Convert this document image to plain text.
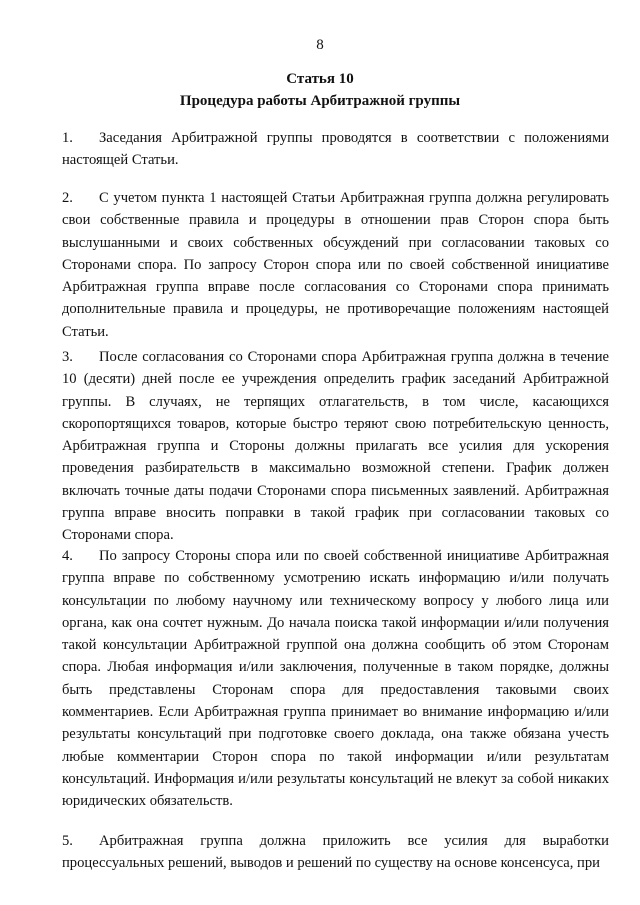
8
Статья 10
Процедура работы Арбитражной группы

1. Заседания Арбитражной группы проводятся в соответствии с положениями настоящей Статьи.

2. С учетом пункта 1 настоящей Статьи Арбитражная группа должна регулировать свои собственные правила и процедуры в отношении прав Сторон спора быть выслушанными и своих собственных обсуждений при согласовании таковых со Сторонами спора. По запросу Сторон спора или по своей собственной инициативе Арбитражная группа вправе после согласования со Сторонами спора принимать дополнительные правила и процедуры, не противоречащие положениям настоящей Статьи.

3. После согласования со Сторонами спора Арбитражная группа должна в течение 10 (десяти) дней после ее учреждения определить график заседаний Арбитражной группы. В случаях, не терпящих отлагательств, в том числе, касающихся скоропортящихся товаров, которые быстро теряют свою потребительскую ценность, Арбитражная группа и Стороны должны прилагать все усилия для ускорения проведения разбирательств в максимально возможной степени. График должен включать точные даты подачи Сторонами спора письменных заявлений. Арбитражная группа вправе вносить поправки в такой график при согласовании таковых со Сторонами спора.

4. По запросу Стороны спора или по своей собственной инициативе Арбитражная группа вправе по собственному усмотрению искать информацию и/или получать консультации по любому научному или техническому вопросу у любого лица или органа, как она сочтет нужным. До начала поиска такой информации и/или получения такой консультации Арбитражной группой она должна сообщить об этом Сторонам спора. Любая информация и/или заключения, полученные в таком порядке, должны быть представлены Сторонам спора для предоставления таковыми своих комментариев. Если Арбитражная группа принимает во внимание информацию и/или результаты консультаций при подготовке своего доклада, она также обязана учесть любые комментарии Сторон спора по такой информации и/или результатам консультаций. Информация и/или результаты консультаций не влекут за собой никаких юридических обязательств.

5. Арбитражная группа должна приложить все усилия для выработки процессуальных решений, выводов и решений по существу на основе консенсуса, при
